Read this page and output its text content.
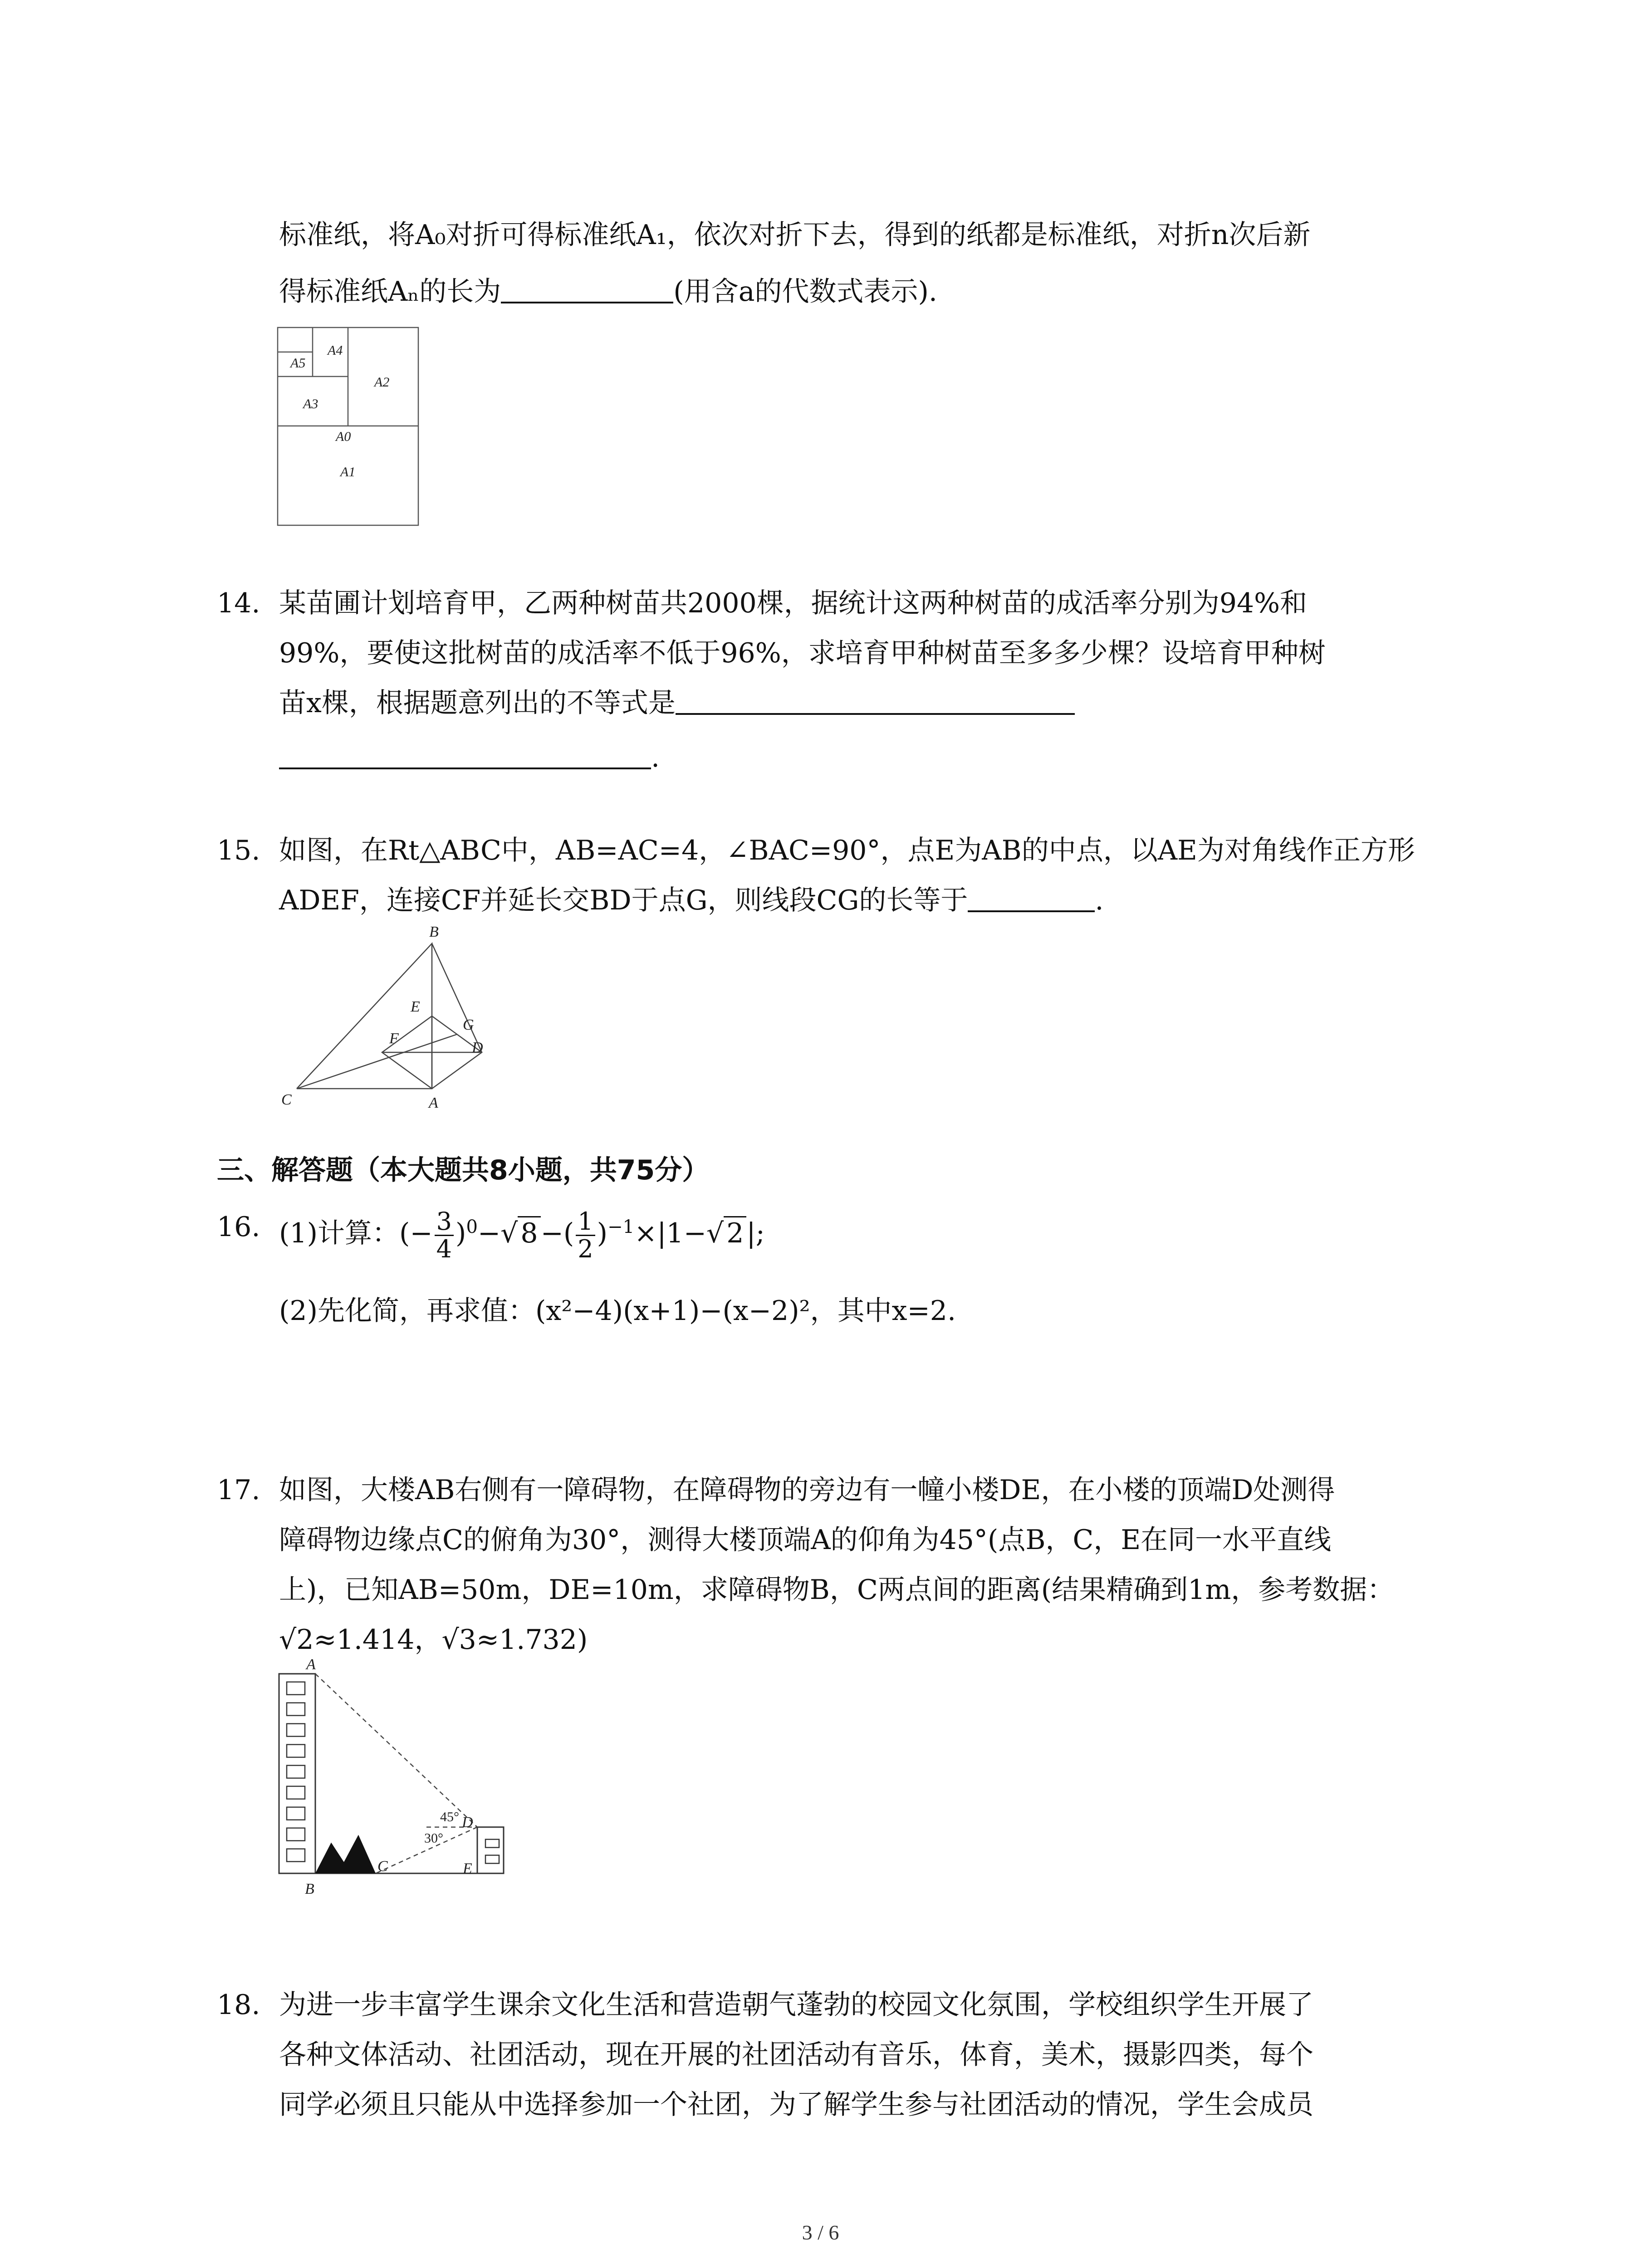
标准纸，将A₀对折可得标准纸A₁，依次对折下去，得到的纸都是标准纸，对折n次后新
得标准纸Aₙ的长为	(用含a的代数式表示).
A4
A5
A2
A3
A0
A1
14. 某苗圃计划培育甲，乙两种树苗共2000棵，据统计这两种树苗的成活率分别为94%和
99%，要使这批树苗的成活率不低于96%，求培育甲种树苗至多多少棵？设培育甲种树
苗x棵，根据题意列出的不等式是
.
15. 如图，在Rt△ABC中，AB=AC=4，∠BAC=90°，点E为AB的中点，以AE为对角线作正方形
ADEF，连接CF并延长交BD于点G，则线段CG的长等于	.
B
E
G
F
D
C	A
三、解答题（本大题共8小题，共75分）
16. (1)计算：(− $\frac{3}{4} )^0-√$ 8 −( $\frac{1}{2} )^{-1}\times|1-√$ 2 |;
(2)先化简，再求值：(x²−4)(x+1)−(x−2)²，其中x=2.
17. 如图，大楼AB右侧有一障碍物，在障碍物的旁边有一幢小楼DE，在小楼的顶端D处测得
障碍物边缘点C的俯角为30°，测得大楼顶端A的仰角为45°(点B，C，E在同一水平直线
上)，已知AB=50m，DE=10m，求障碍物B，C两点间的距离(结果精确到1m，参考数据：
√2≈1.414，√3≈1.732)
A
B
C
D
E
45°
30°
18. 为进一步丰富学生课余文化生活和营造朝气蓬勃的校园文化氛围，学校组织学生开展了
各种文体活动、社团活动，现在开展的社团活动有音乐，体育，美术，摄影四类，每个
同学必须且只能从中选择参加一个社团，为了解学生参与社团活动的情况，学生会成员
3 / 6
